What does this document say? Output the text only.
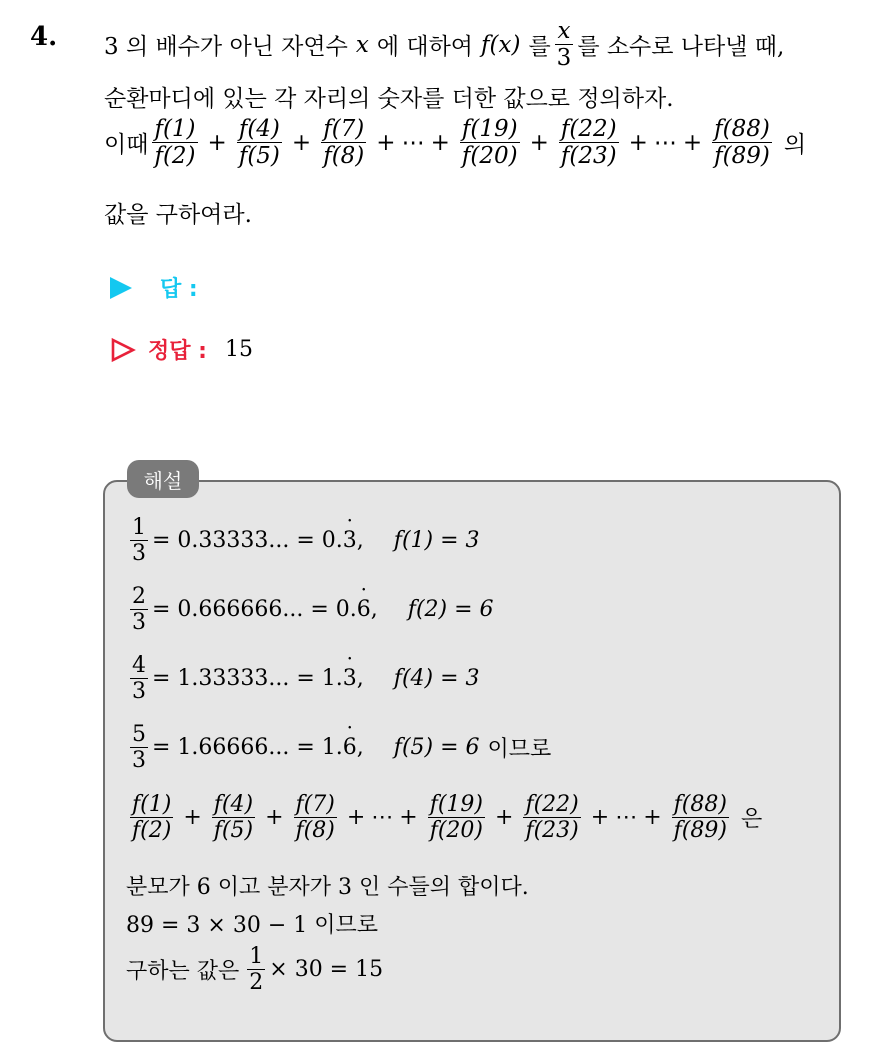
4. 3 의 배수가 아닌 자연수 x 에 대하여 f(x) 를 $\frac{x}{3}$ 를 소수로 나타낼 때,
순환마디에 있는 각 자리의 숫자를 더한 값으로 정의하자.
이때 $\frac{f(1)}{f(2)} + \frac{f(4)}{f(5)} + \frac{f(7)}{f(8)}$ + ⋯ + $\frac{f(19)}{f(20)} + \frac{f(22)}{f(23)}$ + ⋯ + $\frac{f(88)}{f(89)}$ 의
값을 구하여라.
답 :
정답 : 15
해설
$\frac{1}{3} = 0.33333$... = 0. ˙ 3 , f(1) = 3
$\frac{2}{3} = 0.666666$... = 0. ˙ 6 , f(2) = 6
$\frac{4}{3} = 1.33333$... = 1. ˙ 3 , f(4) = 3
$\frac{5}{3} = 1.66666$... = 1. ˙ 6 , f(5) = 6 이므로
$\frac{f(1)}{f(2)} + \frac{f(4)}{f(5)} + \frac{f(7)}{f(8)}$ + ⋯ + $\frac{f(19)}{f(20)} + \frac{f(22)}{f(23)}$ + ⋯ + $\frac{f(88)}{f(89)}$ 은
분모가 6 이고 분자가 3 인 수들의 합이다.
89 = 3 × 30 − 1 이므로
구하는 값은 $\frac{1}{2} \times 30 = 15$
